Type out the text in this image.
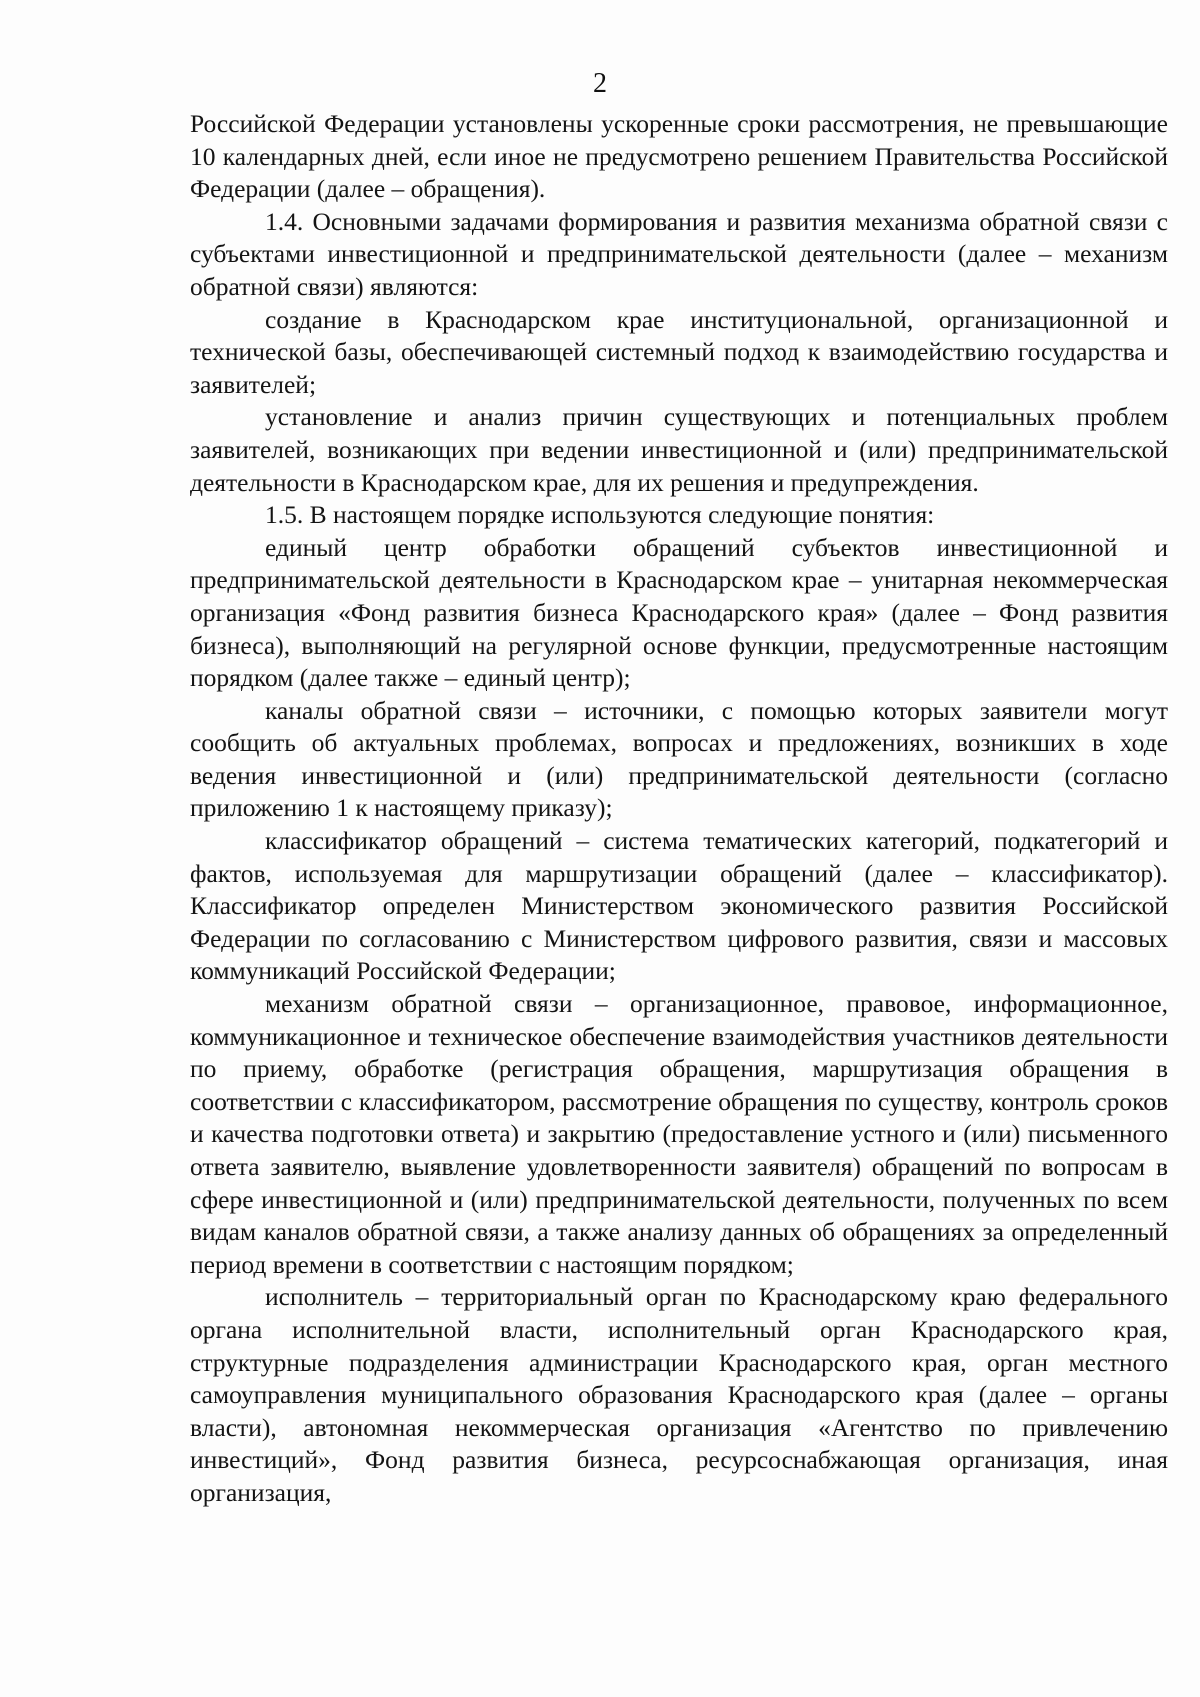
2

Российской Федерации установлены ускоренные сроки рассмотрения, не превышающие 10 календарных дней, если иное не предусмотрено решением Правительства Российской Федерации (далее – обращения).

1.4. Основными задачами формирования и развития механизма обратной связи с субъектами инвестиционной и предпринимательской деятельности (далее – механизм обратной связи) являются:

создание в Краснодарском крае институциональной, организационной и технической базы, обеспечивающей системный подход к взаимодействию государства и заявителей;

установление и анализ причин существующих и потенциальных проблем заявителей, возникающих при ведении инвестиционной и (или) предпринимательской деятельности в Краснодарском крае, для их решения и предупреждения.

1.5. В настоящем порядке используются следующие понятия:

единый центр обработки обращений субъектов инвестиционной и предпринимательской деятельности в Краснодарском крае – унитарная некоммерческая организация «Фонд развития бизнеса Краснодарского края» (далее – Фонд развития бизнеса), выполняющий на регулярной основе функции, предусмотренные настоящим порядком (далее также – единый центр);

каналы обратной связи – источники, с помощью которых заявители могут сообщить об актуальных проблемах, вопросах и предложениях, возникших в ходе ведения инвестиционной и (или) предпринимательской деятельности (согласно приложению 1 к настоящему приказу);

классификатор обращений – система тематических категорий, подкатегорий и фактов, используемая для маршрутизации обращений (далее – классификатор). Классификатор определен Министерством экономического развития Российской Федерации по согласованию с Министерством цифрового развития, связи и массовых коммуникаций Российской Федерации;

механизм обратной связи – организационное, правовое, информационное, коммуникационное и техническое обеспечение взаимодействия участников деятельности по приему, обработке (регистрация обращения, маршрутизация обращения в соответствии с классификатором, рассмотрение обращения по существу, контроль сроков и качества подготовки ответа) и закрытию (предоставление устного и (или) письменного ответа заявителю, выявление удовлетворенности заявителя) обращений по вопросам в сфере инвестиционной и (или) предпринимательской деятельности, полученных по всем видам каналов обратной связи, а также анализу данных об обращениях за определенный период времени в соответствии с настоящим порядком;

исполнитель – территориальный орган по Краснодарскому краю федерального органа исполнительной власти, исполнительный орган Краснодарского края, структурные подразделения администрации Краснодарского края, орган местного самоуправления муниципального образования Краснодарского края (далее – органы власти), автономная некоммерческая организация «Агентство по привлечению инвестиций», Фонд развития бизнеса, ресурсоснабжающая организация, иная организация,
